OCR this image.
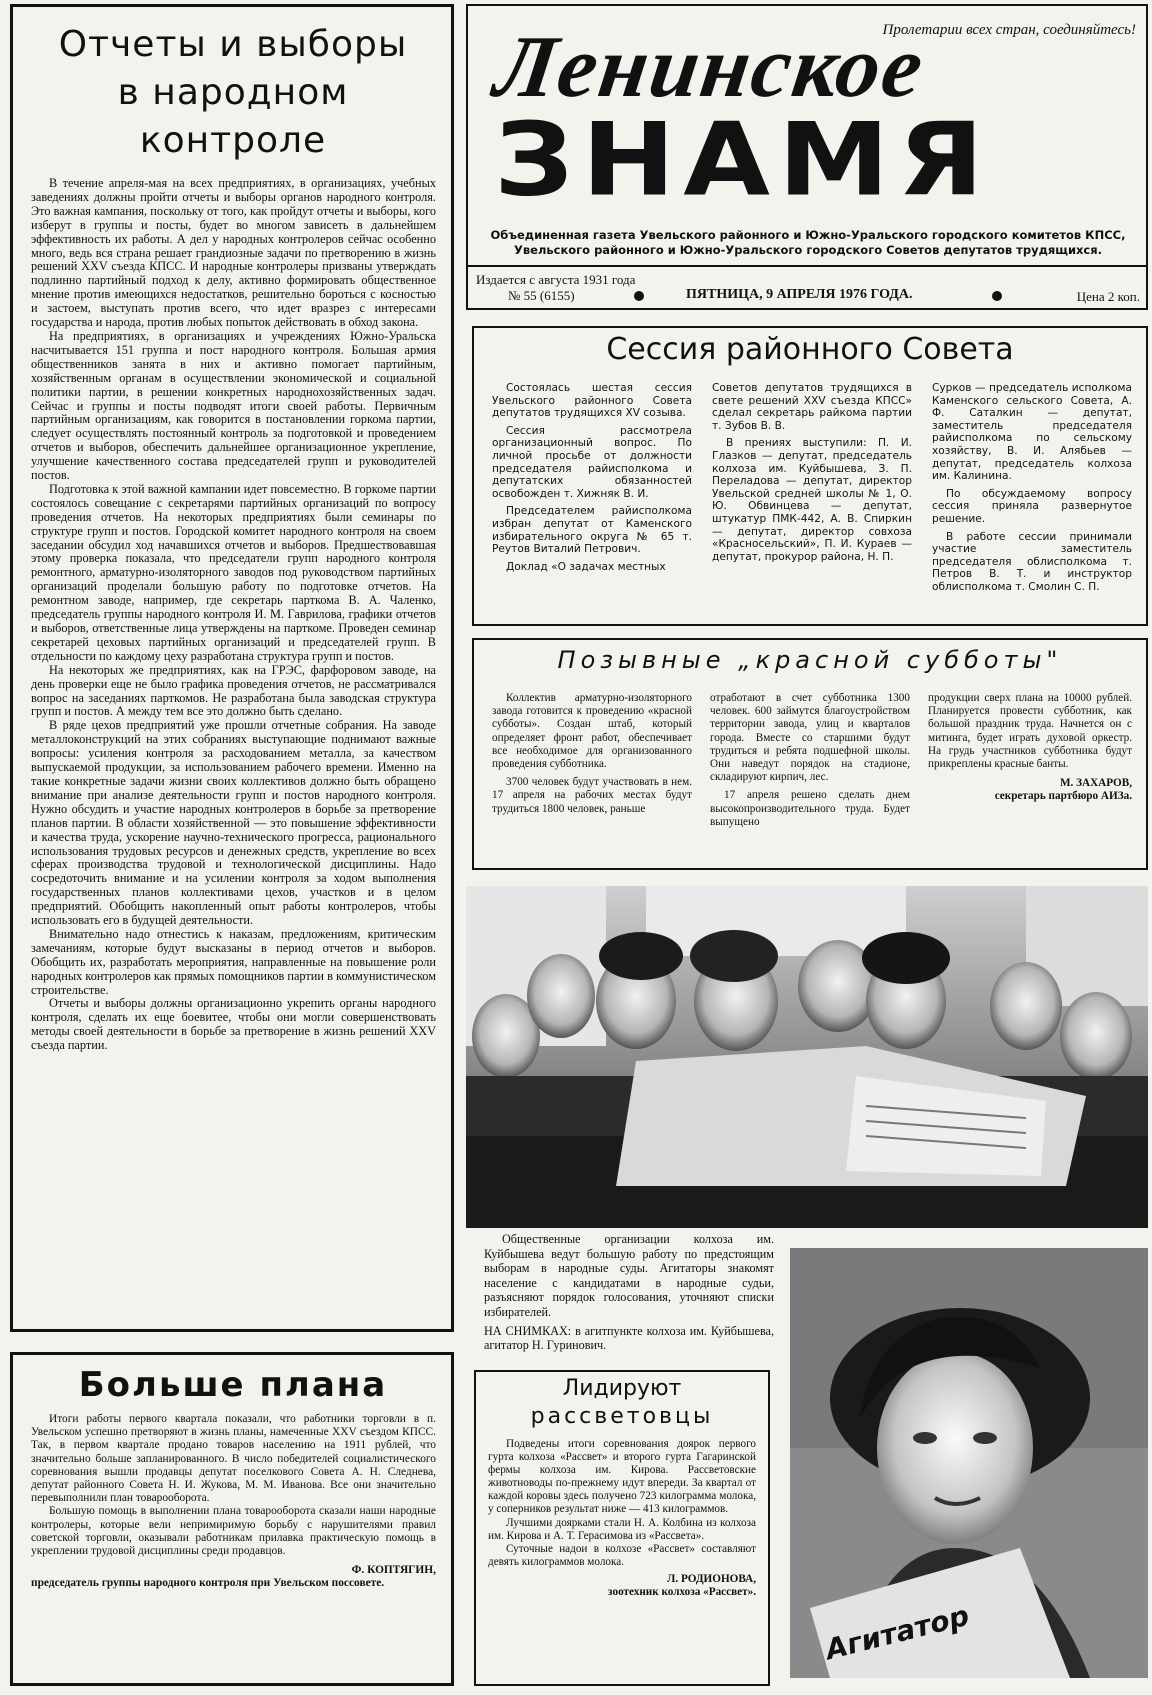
Пролетарии всех стран, соединяйтесь!
Ленинское
ЗНАМЯ
Объединенная газета Увельского районного и Южно-Уральского городского комитетов КПСС, Увельского районного и Южно-Уральского городского Советов депутатов трудящихся.
Издается с августа 1931 года
№ 55 (6155)	ПЯТНИЦА, 9 АПРЕЛЯ 1976 ГОДА.	Цена 2 коп.
Отчеты и выборы в народном контроле

В течение апреля-мая на всех предприятиях, в организациях, учебных заведениях должны пройти отчеты и выборы органов народного контроля. Это важная кампания, поскольку от того, как пройдут отчеты и выборы, кого изберут в группы и посты, будет во многом зависеть в дальнейшем эффективность их работы. А дел у народных контролеров сейчас особенно много, ведь вся страна решает грандиозные задачи по претворению в жизнь решений XXV съезда КПСС. И народные контролеры призваны утверждать подлинно партийный подход к делу, активно формировать общественное мнение против имеющихся недостатков, решительно бороться с косностью и застоем, выступать против всего, что идет вразрез с интересами государства и народа, против любых попыток действовать в обход закона.

На предприятиях, в организациях и учреждениях Южно-Уральска насчитывается 151 группа и пост народного контроля. Большая армия общественников занята в них и активно помогает партийным, хозяйственным органам в осуществлении экономической и социальной политики партии, в решении конкретных народнохозяйственных задач. Сейчас и группы и посты подводят итоги своей работы. Первичным партийным организациям, как говорится в постановлении горкома партии, следует осуществлять постоянный контроль за подготовкой и проведением отчетов и выборов, обеспечить дальнейшее организационное укрепление, улучшение качественного состава председателей групп и руководителей постов.

Подготовка к этой важной кампании идет повсеместно. В горкоме партии состоялось совещание с секретарями партийных организаций по вопросу проведения отчетов. На некоторых предприятиях были семинары по структуре групп и постов. Городской комитет народного контроля на своем заседании обсудил ход начавшихся отчетов и выборов. Предшествовавшая этому проверка показала, что председатели групп народного контроля ремонтного, арматурно-изоляторного заводов под руководством партийных организаций проделали большую работу по подготовке отчетов. На ремонтном заводе, например, где секретарь парткома В. А. Чаленко, председатель группы народного контроля И. М. Гаврилова, графики отчетов и выборов, ответственные лица утверждены на парткоме. Проведен семинар секретарей цеховых партийных организаций и председателей групп. В отдельности по каждому цеху разработана структура групп и постов.

На некоторых же предприятиях, как на ГРЭС, фарфоровом заводе, на день проверки еще не было графика проведения отчетов, не рассматривался вопрос на заседаниях парткомов. Не разработана была заводская структура групп и постов. А между тем все это должно быть сделано.

В ряде цехов предприятий уже прошли отчетные собрания. На заводе металлоконструкций на этих собраниях выступающие поднимают важные вопросы: усиления контроля за расходованием металла, за качеством выпускаемой продукции, за использованием рабочего времени. Именно на такие конкретные задачи жизни своих коллективов должно быть обращено внимание при анализе деятельности групп и постов народного контроля. Нужно обсудить и участие народных контролеров в борьбе за претворение планов партии. В области хозяйственной — это повышение эффективности и качества труда, ускорение научно-технического прогресса, рационального использования трудовых ресурсов и денежных средств, укрепление во всех сферах производства трудовой и технологической дисциплины. Надо сосредоточить внимание и на усилении контроля за ходом выполнения государственных планов коллективами цехов, участков и в целом предприятий. Обобщить накопленный опыт работы контролеров, чтобы использовать его в будущей деятельности.

Внимательно надо отнестись к наказам, предложениям, критическим замечаниям, которые будут высказаны в период отчетов и выборов. Обобщить их, разработать мероприятия, направленные на повышение роли народных контролеров как прямых помощников партии в коммунистическом строительстве.

Отчеты и выборы должны организационно укрепить органы народного контроля, сделать их еще боевитее, чтобы они могли совершенствовать методы своей деятельности в борьбе за претворение в жизнь решений XXV съезда партии.

Больше плана

Итоги работы первого квартала показали, что работники торговли в п. Увельском успешно претворяют в жизнь планы, намеченные XXV съездом КПСС. Так, в первом квартале продано товаров населению на 1911 рублей, что значительно больше запланированного. В число победителей социалистического соревнования вышли продавцы депутат поселкового Совета А. Н. Следнева, депутат районного Совета Н. И. Жукова, М. М. Иванова. Все они значительно перевыполнили план товарооборота.

Большую помощь в выполнении плана товарооборота сказали наши народные контролеры, которые вели непримиримую борьбу с нарушителями правил советской торговли, оказывали работникам прилавка практическую помощь в укреплении трудовой дисциплины среди продавцов.

Ф. КОПТЯГИН,
председатель группы народного контроля при Увельском поссовете.
Сессия районного Совета

Состоялась шестая сессия Увельского районного Совета депутатов трудящихся XV созыва.

Сессия рассмотрела организационный вопрос. По личной просьбе от должности председателя райисполкома и депутатских обязанностей освобожден т. Хижняк В. И.

Председателем райисполкома избран депутат от Каменского избирательного округа № 65 т. Реутов Виталий Петрович.

Доклад «О задачах местных

Советов депутатов трудящихся в свете решений XXV съезда КПСС» сделал секретарь райкома партии т. Зубов В. В.

В прениях выступили: П. И. Глазков — депутат, председатель колхоза им. Куйбышева, З. П. Переладова — депутат, директор Увельской средней школы № 1, О. Ю. Обвинцева — депутат, штукатур ПМК-442, А. В. Спиркин — депутат, директор совхоза «Красносельский», П. И. Кураев — депутат, прокурор района, Н. П.

Сурков — председатель исполкома Каменского сельского Совета, А. Ф. Саталкин — депутат, заместитель председателя райисполкома по сельскому хозяйству, В. И. Алябьев — депутат, председатель колхоза им. Калинина.

По обсуждаемому вопросу сессия приняла развернутое решение.

В работе сессии принимали участие заместитель председателя облисполкома т. Петров В. Т. и инструктор облисполкома т. Смолин С. П.

Позывные „красной субботы"

Коллектив арматурно-изоляторного завода готовится к проведению «красной субботы». Создан штаб, который определяет фронт работ, обеспечивает все необходимое для организованного проведения субботника.

3700 человек будут участвовать в нем. 17 апреля на рабочих местах будут трудиться 1800 человек, раньше

отработают в счет субботника 1300 человек. 600 займутся благоустройством территории завода, улиц и кварталов города. Вместе со старшими будут трудиться и ребята подшефной школы. Они наведут порядок на стадионе, складируют кирпич, лес.

17 апреля решено сделать днем высокопроизводительного труда. Будет выпущено

продукции сверх плана на 10000 рублей. Планируется провести субботник, как большой праздник труда. Начнется он с митинга, будет играть духовой оркестр. На грудь участников субботника будут прикреплены красные банты.

М. ЗАХАРОВ,
секретарь партбюро АИЗа.

Общественные организации колхоза им. Куйбышева ведут большую работу по предстоящим выборам в народные суды. Агитаторы знакомят население с кандидатами в народные судьи, разъясняют порядок голосования, уточняют списки избирателей.

НА СНИМКАХ: в агитпункте колхоза им. Куйбышева, агитатор Н. Гуринович.

Агитатор
Лидируют
рассветовцы

Подведены итоги соревнования доярок первого гурта колхоза «Рассвет» и второго гурта Гагаринской фермы колхоза им. Кирова. Рассветовские животноводы по-прежнему идут впереди. За квартал от каждой коровы здесь получено 723 килограмма молока, у соперников результат ниже — 413 килограммов.

Лучшими доярками стали Н. А. Колбина из колхоза им. Кирова и А. Т. Герасимова из «Рассвета».

Суточные надои в колхозе «Рассвет» составляют девять килограммов молока.

Л. РОДИОНОВА,
зоотехник колхоза «Рассвет».
